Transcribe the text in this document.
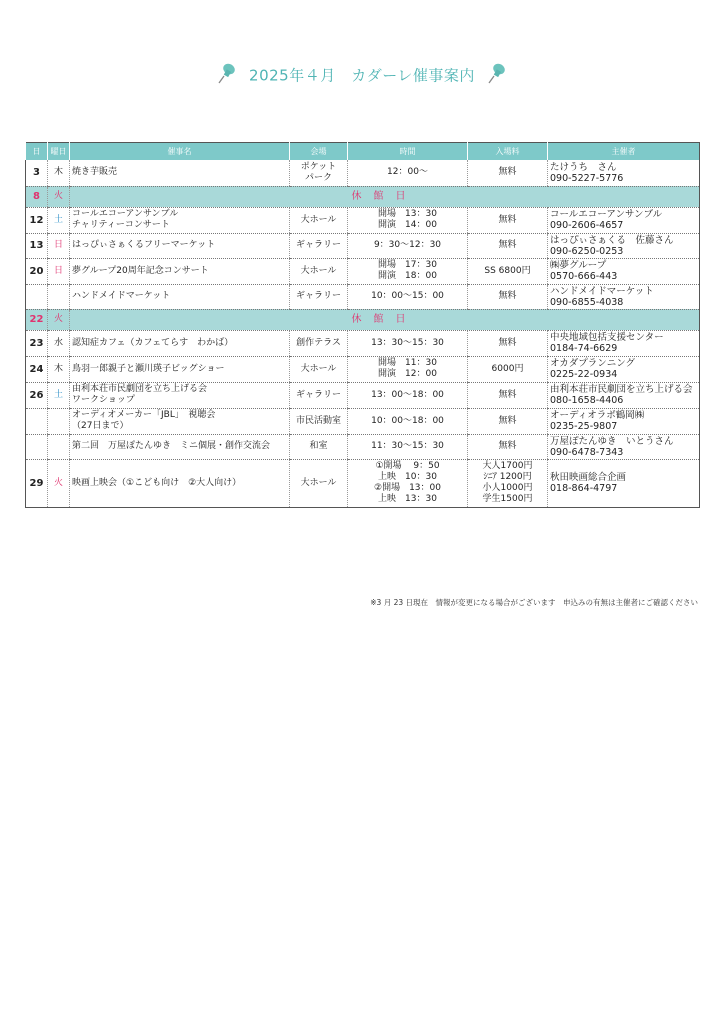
2025年４月　カダーレ催事案内
日	曜日	催事名	会場	時間	入場料	主催者
3	木	焼き芋販売	ポケット
パーク	12：00〜	無料	たけうち　さん
090-5227-5776
8	火	休館日				
12	土	コールエコーアンサンブル
チャリティーコンサート	大ホール	開場　13：30
開演　14：00	無料	コールエコーアンサンブル
090-2606-4657
13	日	はっぴぃさぁくるフリーマーケット	ギャラリー	9：30〜12：30	無料	はっぴぃさぁくる　佐藤さん
090-6250-0253
20	日	夢グループ20周年記念コンサート	大ホール	開場　17：30
開演　18：00	SS 6800円	㈱夢グループ
0570-666-443
		ハンドメイドマーケット	ギャラリー	10：00〜15：00	無料	ハンドメイドマーケット
090-6855-4038
22	火	休館日				
23	水	認知症カフェ（カフェてらす　わかば）	創作テラス	13：30〜15：30	無料	中央地域包括支援センター
0184-74-6629
24	木	鳥羽一郎親子と瀬川瑛子ビッグショー	大ホール	開場　11：30
開演　12：00	6000円	オカダプランニング
0225-22-0934
26	土	由利本荘市民劇団を立ち上げる会
ワークショップ	ギャラリー	13：00〜18：00	無料	由利本荘市民劇団を立ち上げる会
080-1658-4406
		オーディオメーカー「JBL」　視聴会
（27日まで）	市民活動室	10：00〜18：00	無料	オーディオラボ鶴岡㈱
0235-25-9807
		第二回　万屋ぽたんゆき　ミニ個展・創作交流会	和室	11：30〜15：30	無料	万屋ぽたんゆき　いとうさん
090-6478-7343
29	火	映画上映会（①こども向け　②大人向け）	大ホール	①開場　 9：50
上映　10：30
②開場　13：00
上映　13：30	大人1700円
ｼﾆｱ 1200円
小人1000円
学生1500円	秋田映画総合企画
018-864-4797
※3 月 23 日現在　情報が変更になる場合がございます　申込みの有無は主催者にご確認ください
